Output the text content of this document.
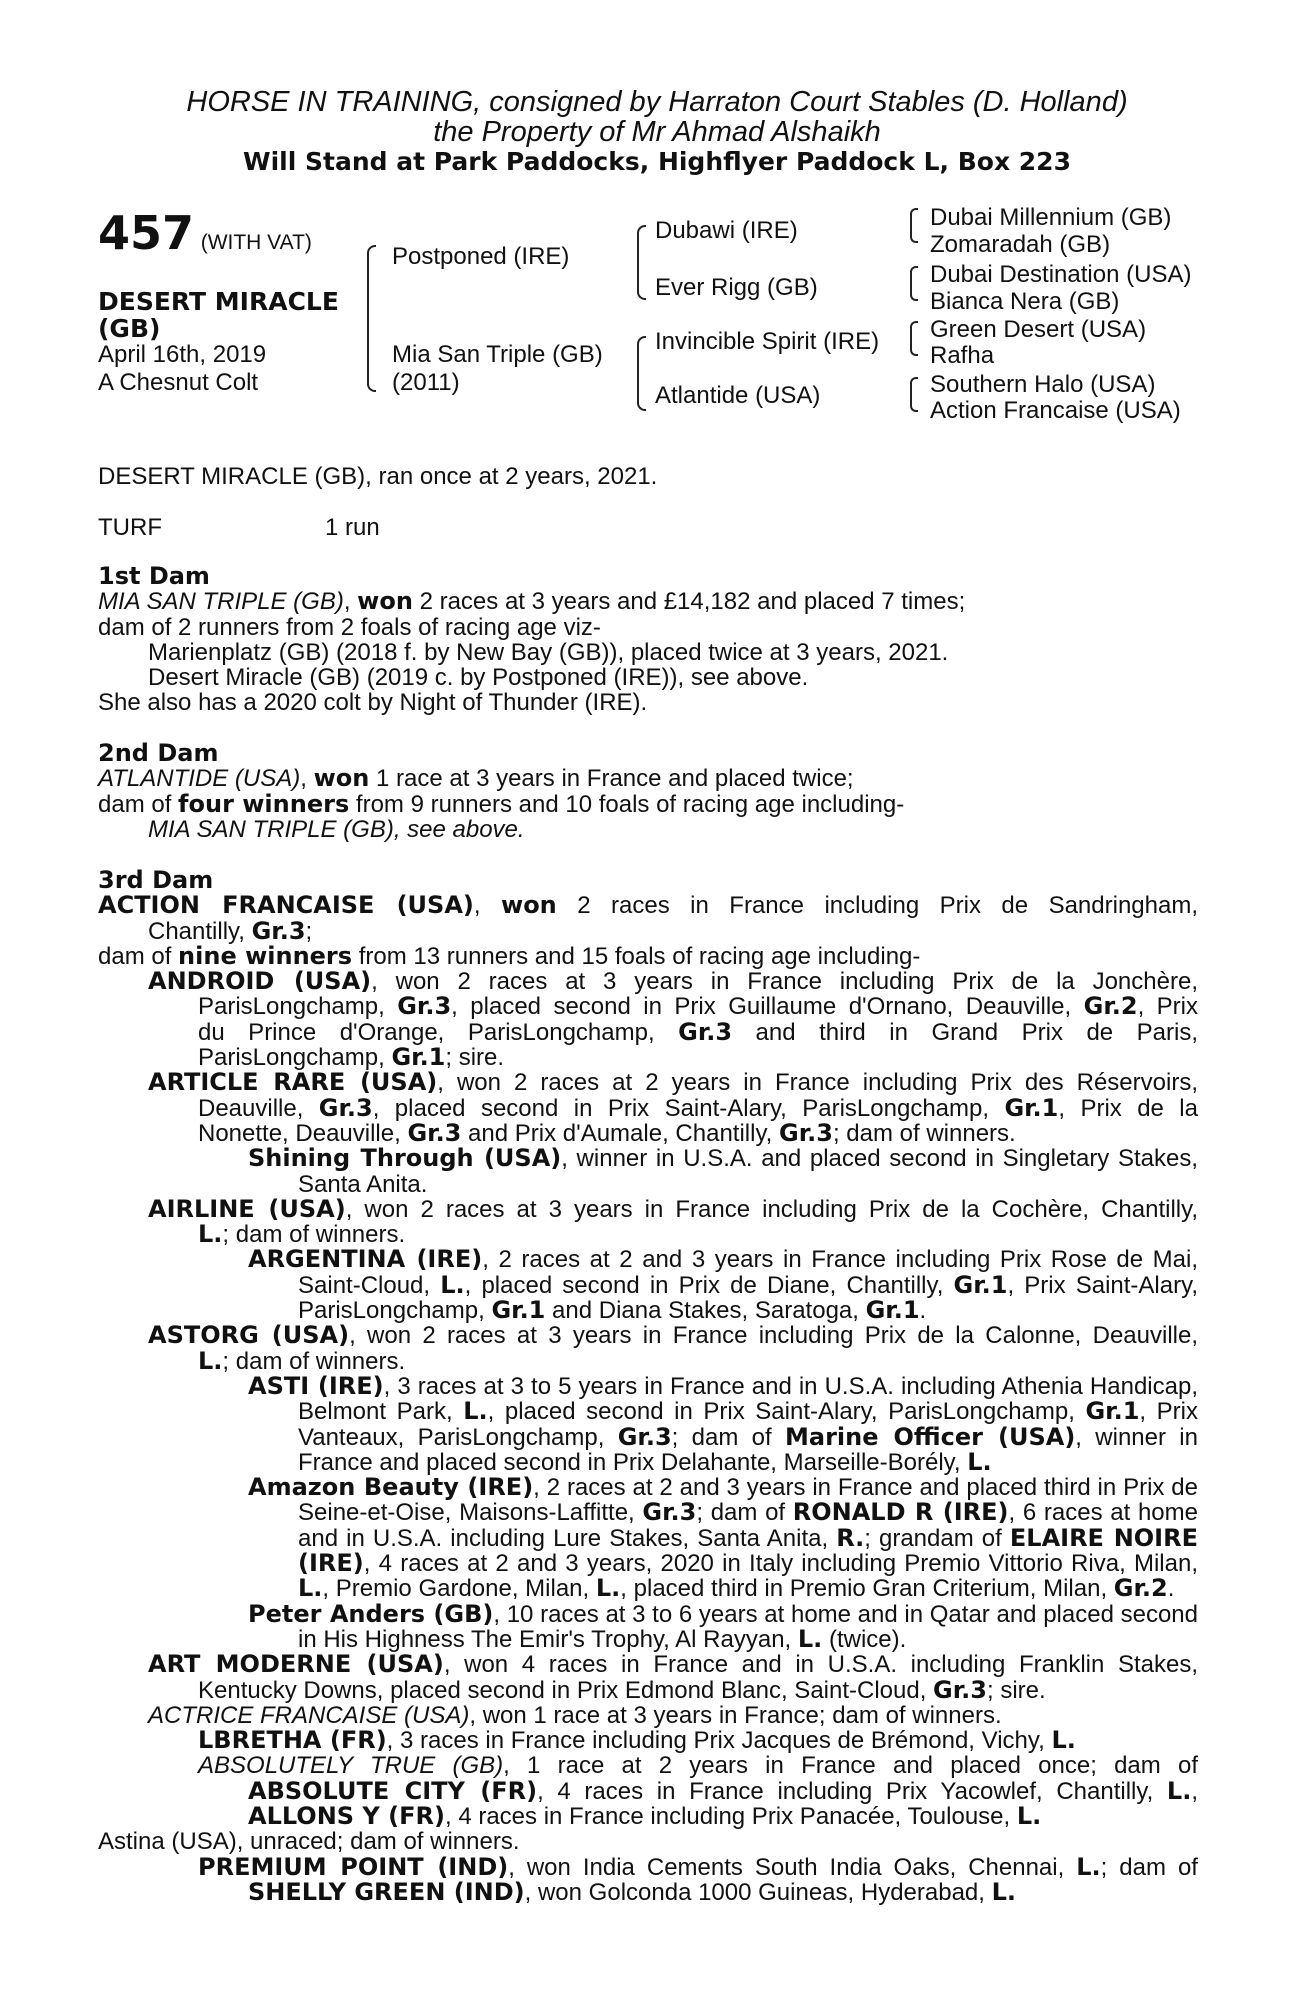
HORSE IN TRAINING, consigned by Harraton Court Stables (D. Holland)
the Property of Mr Ahmad Alshaikh
Will Stand at Park Paddocks, Highflyer Paddock L, Box 223
457 (WITH VAT)
DESERT MIRACLE
(GB)
April 16th, 2019
A Chesnut Colt
Postponed (IRE)
Mia San Triple (GB)
(2011)
Dubawi (IRE)
Ever Rigg (GB)
Invincible Spirit (IRE)
Atlantide (USA)
Dubai Millennium (GB)
Zomaradah (GB)
Dubai Destination (USA)
Bianca Nera (GB)
Green Desert (USA)
Rafha
Southern Halo (USA)
Action Francaise (USA)
DESERT MIRACLE (GB), ran once at 2 years, 2021.
TURF	1 run
1st Dam
MIA SAN TRIPLE (GB), won 2 races at 3 years and £14,182 and placed 7 times;
dam of 2 runners from 2 foals of racing age viz-
Marienplatz (GB) (2018 f. by New Bay (GB)), placed twice at 3 years, 2021.
Desert Miracle (GB) (2019 c. by Postponed (IRE)), see above.
She also has a 2020 colt by Night of Thunder (IRE).
2nd Dam
ATLANTIDE (USA), won 1 race at 3 years in France and placed twice;
dam of four winners from 9 runners and 10 foals of racing age including-
MIA SAN TRIPLE (GB), see above.
3rd Dam
ACTION FRANCAISE (USA), won 2 races in France including Prix de Sandringham,
Chantilly, Gr.3;
dam of nine winners from 13 runners and 15 foals of racing age including-
ANDROID (USA), won 2 races at 3 years in France including Prix de la Jonchère,
ParisLongchamp, Gr.3, placed second in Prix Guillaume d'Ornano, Deauville, Gr.2, Prix
du Prince d'Orange, ParisLongchamp, Gr.3 and third in Grand Prix de Paris,
ParisLongchamp, Gr.1; sire.
ARTICLE RARE (USA), won 2 races at 2 years in France including Prix des Réservoirs,
Deauville, Gr.3, placed second in Prix Saint-Alary, ParisLongchamp, Gr.1, Prix de la
Nonette, Deauville, Gr.3 and Prix d'Aumale, Chantilly, Gr.3; dam of winners.
Shining Through (USA), winner in U.S.A. and placed second in Singletary Stakes,
Santa Anita.
AIRLINE (USA), won 2 races at 3 years in France including Prix de la Cochère, Chantilly,
L.; dam of winners.
ARGENTINA (IRE), 2 races at 2 and 3 years in France including Prix Rose de Mai,
Saint-Cloud, L., placed second in Prix de Diane, Chantilly, Gr.1, Prix Saint-Alary,
ParisLongchamp, Gr.1 and Diana Stakes, Saratoga, Gr.1.
ASTORG (USA), won 2 races at 3 years in France including Prix de la Calonne, Deauville,
L.; dam of winners.
ASTI (IRE), 3 races at 3 to 5 years in France and in U.S.A. including Athenia Handicap,
Belmont Park, L., placed second in Prix Saint-Alary, ParisLongchamp, Gr.1, Prix
Vanteaux, ParisLongchamp, Gr.3; dam of Marine Officer (USA), winner in
France and placed second in Prix Delahante, Marseille-Borély, L.
Amazon Beauty (IRE), 2 races at 2 and 3 years in France and placed third in Prix de
Seine-et-Oise, Maisons-Laffitte, Gr.3; dam of RONALD R (IRE), 6 races at home
and in U.S.A. including Lure Stakes, Santa Anita, R.; grandam of ELAIRE NOIRE
(IRE), 4 races at 2 and 3 years, 2020 in Italy including Premio Vittorio Riva, Milan,
L., Premio Gardone, Milan, L., placed third in Premio Gran Criterium, Milan, Gr.2.
Peter Anders (GB), 10 races at 3 to 6 years at home and in Qatar and placed second
in His Highness The Emir's Trophy, Al Rayyan, L. (twice).
ART MODERNE (USA), won 4 races in France and in U.S.A. including Franklin Stakes,
Kentucky Downs, placed second in Prix Edmond Blanc, Saint-Cloud, Gr.3; sire.
ACTRICE FRANCAISE (USA), won 1 race at 3 years in France; dam of winners.
LBRETHA (FR), 3 races in France including Prix Jacques de Brémond, Vichy, L.
ABSOLUTELY TRUE (GB), 1 race at 2 years in France and placed once; dam of
ABSOLUTE CITY (FR), 4 races in France including Prix Yacowlef, Chantilly, L.,
ALLONS Y (FR), 4 races in France including Prix Panacée, Toulouse, L.
Astina (USA), unraced; dam of winners.
PREMIUM POINT (IND), won India Cements South India Oaks, Chennai, L.; dam of
SHELLY GREEN (IND), won Golconda 1000 Guineas, Hyderabad, L.
